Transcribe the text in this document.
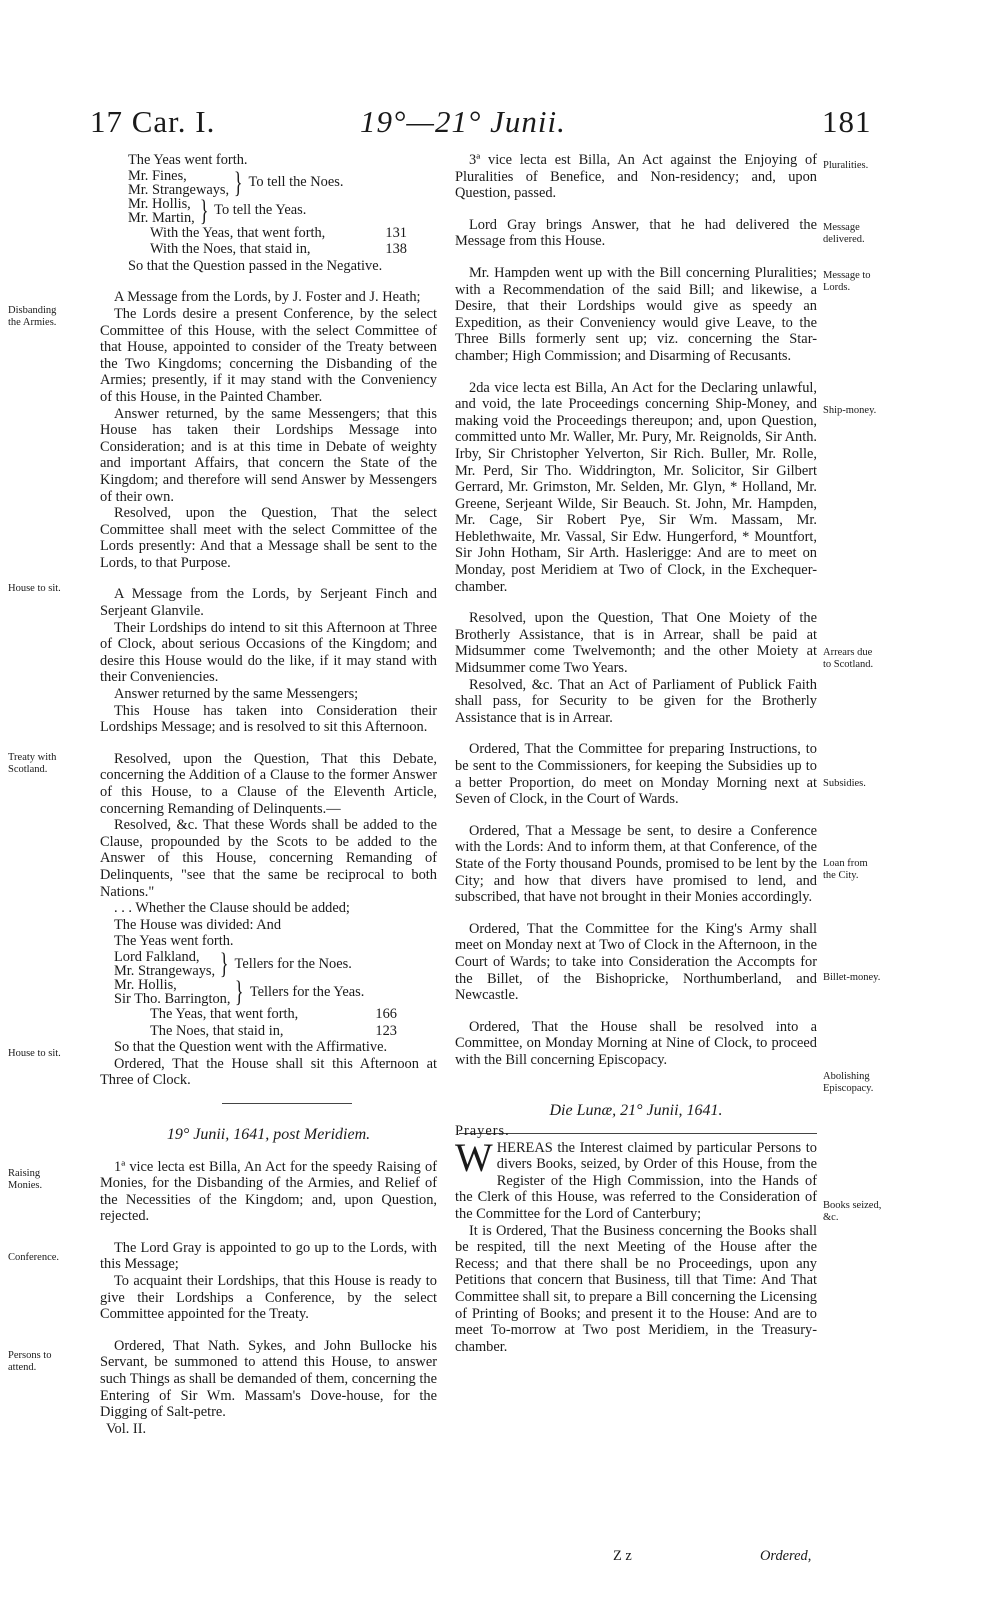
17 Car. I.	19°—21° Junii.	181

The Yeas went forth.

Mr. Fines,
Mr. Strangeways, } To tell the Noes.
Mr. Hollis,
Mr. Martin, } To tell the Yeas.
With the Yeas, that went forth,	131
With the Noes, that staid in,	138

So that the Question passed in the Negative.

A Message from the Lords, by J. Foster and J. Heath;

The Lords desire a present Conference, by the select Committee of this House, with the select Committee of that House, appointed to consider of the Treaty between the Two Kingdoms; concerning the Disbanding of the Armies; presently, if it may stand with the Conveniency of this House, in the Painted Chamber.

Answer returned, by the same Messengers; that this House has taken their Lordships Message into Consideration; and is at this time in Debate of weighty and important Affairs, that concern the State of the Kingdom; and therefore will send Answer by Messengers of their own.

Resolved, upon the Question, That the select Committee shall meet with the select Committee of the Lords presently: And that a Message shall be sent to the Lords, to that Purpose.

A Message from the Lords, by Serjeant Finch and Serjeant Glanvile.

Their Lordships do intend to sit this Afternoon at Three of Clock, about serious Occasions of the Kingdom; and desire this House would do the like, if it may stand with their Conveniencies.

Answer returned by the same Messengers;

This House has taken into Consideration their Lordships Message; and is resolved to sit this Afternoon.

Resolved, upon the Question, That this Debate, concerning the Addition of a Clause to the former Answer of this House, to a Clause of the Eleventh Article, concerning Remanding of Delinquents.—

Resolved, &c. That these Words shall be added to the Clause, propounded by the Scots to be added to the Answer of this House, concerning Remanding of Delinquents, "see that the same be reciprocal to both Nations."

. . . Whether the Clause should be added;

The House was divided: And

The Yeas went forth.

Lord Falkland,
Mr. Strangeways, } Tellers for the Noes.
Mr. Hollis,
Sir Tho. Barrington, } Tellers for the Yeas.
The Yeas, that went forth,	166
The Noes, that staid in,	123

So that the Question went with the Affirmative.

Ordered, That the House shall sit this Afternoon at Three of Clock.

19° Junii, 1641, post Meridiem.

1ª vice lecta est Billa, An Act for the speedy Raising of Monies, for the Disbanding of the Armies, and Relief of the Necessities of the Kingdom; and, upon Question, rejected.

The Lord Gray is appointed to go up to the Lords, with this Message;

To acquaint their Lordships, that this House is ready to give their Lordships a Conference, by the select Committee appointed for the Treaty.

Ordered, That Nath. Sykes, and John Bullocke his Servant, be summoned to attend this House, to answer such Things as shall be demanded of them, concerning the Entering of Sir Wm. Massam's Dove-house, for the Digging of Salt-petre.

Vol. II.

3ª vice lecta est Billa, An Act against the Enjoying of Pluralities of Benefice, and Non-residency; and, upon Question, passed.

Lord Gray brings Answer, that he had delivered the Message from this House.

Mr. Hampden went up with the Bill concerning Pluralities; with a Recommendation of the said Bill; and likewise, a Desire, that their Lordships would give as speedy an Expedition, as their Conveniency would give Leave, to the Three Bills formerly sent up; viz. concerning the Star-chamber; High Commission; and Disarming of Recusants.

2da vice lecta est Billa, An Act for the Declaring unlawful, and void, the late Proceedings concerning Ship-Money, and making void the Proceedings thereupon; and, upon Question, committed unto Mr. Waller, Mr. Pury, Mr. Reignolds, Sir Anth. Irby, Sir Christopher Yelverton, Sir Rich. Buller, Mr. Rolle, Mr. Perd, Sir Tho. Widdrington, Mr. Solicitor, Sir Gilbert Gerrard, Mr. Grimston, Mr. Selden, Mr. Glyn, * Holland, Mr. Greene, Serjeant Wilde, Sir Beauch. St. John, Mr. Hampden, Mr. Cage, Sir Robert Pye, Sir Wm. Massam, Mr. Heblethwaite, Mr. Vassal, Sir Edw. Hungerford, * Mountfort, Sir John Hotham, Sir Arth. Haslerigge: And are to meet on Monday, post Meridiem at Two of Clock, in the Exchequer-chamber.

Resolved, upon the Question, That One Moiety of the Brotherly Assistance, that is in Arrear, shall be paid at Midsummer come Twelvemonth; and the other Moiety at Midsummer come Two Years.

Resolved, &c. That an Act of Parliament of Publick Faith shall pass, for Security to be given for the Brotherly Assistance that is in Arrear.

Ordered, That the Committee for preparing Instructions, to be sent to the Commissioners, for keeping the Subsidies up to a better Proportion, do meet on Monday Morning next at Seven of Clock, in the Court of Wards.

Ordered, That a Message be sent, to desire a Conference with the Lords: And to inform them, at that Conference, of the State of the Forty thousand Pounds, promised to be lent by the City; and how that divers have promised to lend, and subscribed, that have not brought in their Monies accordingly.

Ordered, That the Committee for the King's Army shall meet on Monday next at Two of Clock in the Afternoon, in the Court of Wards; to take into Consideration the Accompts for the Billet, of the Bishopricke, Northumberland, and Newcastle.

Ordered, That the House shall be resolved into a Committee, on Monday Morning at Nine of Clock, to proceed with the Bill concerning Episcopacy.

Die Lunæ, 21° Junii, 1641.

Prayers.

WHEREAS the Interest claimed by particular Persons to divers Books, seized, by Order of this House, from the Register of the High Commission, into the Hands of the Clerk of this House, was referred to the Consideration of the Committee for the Lord of Canterbury;

It is Ordered, That the Business concerning the Books shall be respited, till the next Meeting of the House after the Recess; and that there shall be no Proceedings, upon any Petitions that concern that Business, till that Time: And That Committee shall sit, to prepare a Bill concerning the Licensing of Printing of Books; and present it to the House: And are to meet To-morrow at Two post Meridiem, in the Treasury-chamber.

Z z	Ordered,
Disbanding the Armies.
House to sit.
Treaty with Scotland.
House to sit.
Raising Monies.
Conference.
Persons to attend.
Pluralities.
Message delivered.
Message to Lords.
Ship-money.
Arrears due to Scotland.
Subsidies.
Loan from the City.
Billet-money.
Abolishing Episcopacy.
Books seized, &c.
